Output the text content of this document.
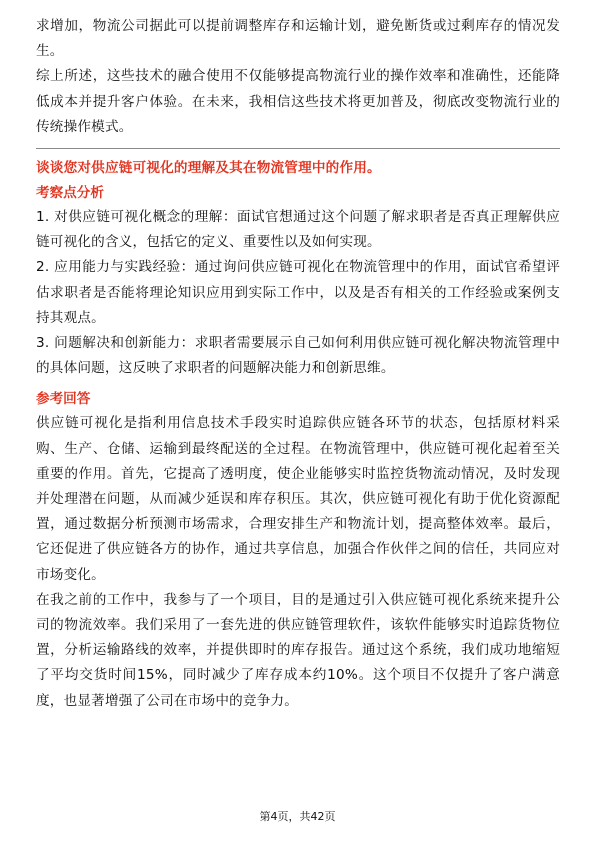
求增加，物流公司据此可以提前调整库存和运输计划，避免断货或过剩库存的情况发生。

综上所述，这些技术的融合使用不仅能够提高物流行业的操作效率和准确性，还能降低成本并提升客户体验。在未来，我相信这些技术将更加普及，彻底改变物流行业的传统操作模式。

谈谈您对供应链可视化的理解及其在物流管理中的作用。
考察点分析

1. 对供应链可视化概念的理解：面试官想通过这个问题了解求职者是否真正理解供应链可视化的含义，包括它的定义、重要性以及如何实现。

2. 应用能力与实践经验：通过询问供应链可视化在物流管理中的作用，面试官希望评估求职者是否能将理论知识应用到实际工作中，以及是否有相关的工作经验或案例支持其观点。

3. 问题解决和创新能力：求职者需要展示自己如何利用供应链可视化解决物流管理中的具体问题，这反映了求职者的问题解决能力和创新思维。

参考回答

供应链可视化是指利用信息技术手段实时追踪供应链各环节的状态，包括原材料采购、生产、仓储、运输到最终配送的全过程。在物流管理中，供应链可视化起着至关重要的作用。首先，它提高了透明度，使企业能够实时监控货物流动情况，及时发现并处理潜在问题，从而减少延误和库存积压。其次，供应链可视化有助于优化资源配置，通过数据分析预测市场需求，合理安排生产和物流计划，提高整体效率。最后，它还促进了供应链各方的协作，通过共享信息，加强合作伙伴之间的信任，共同应对市场变化。

在我之前的工作中，我参与了一个项目，目的是通过引入供应链可视化系统来提升公司的物流效率。我们采用了一套先进的供应链管理软件，该软件能够实时追踪货物位置，分析运输路线的效率，并提供即时的库存报告。通过这个系统，我们成功地缩短了平均交货时间15%，同时减少了库存成本约10%。这个项目不仅提升了客户满意度，也显著增强了公司在市场中的竞争力。

第4页，共42页
